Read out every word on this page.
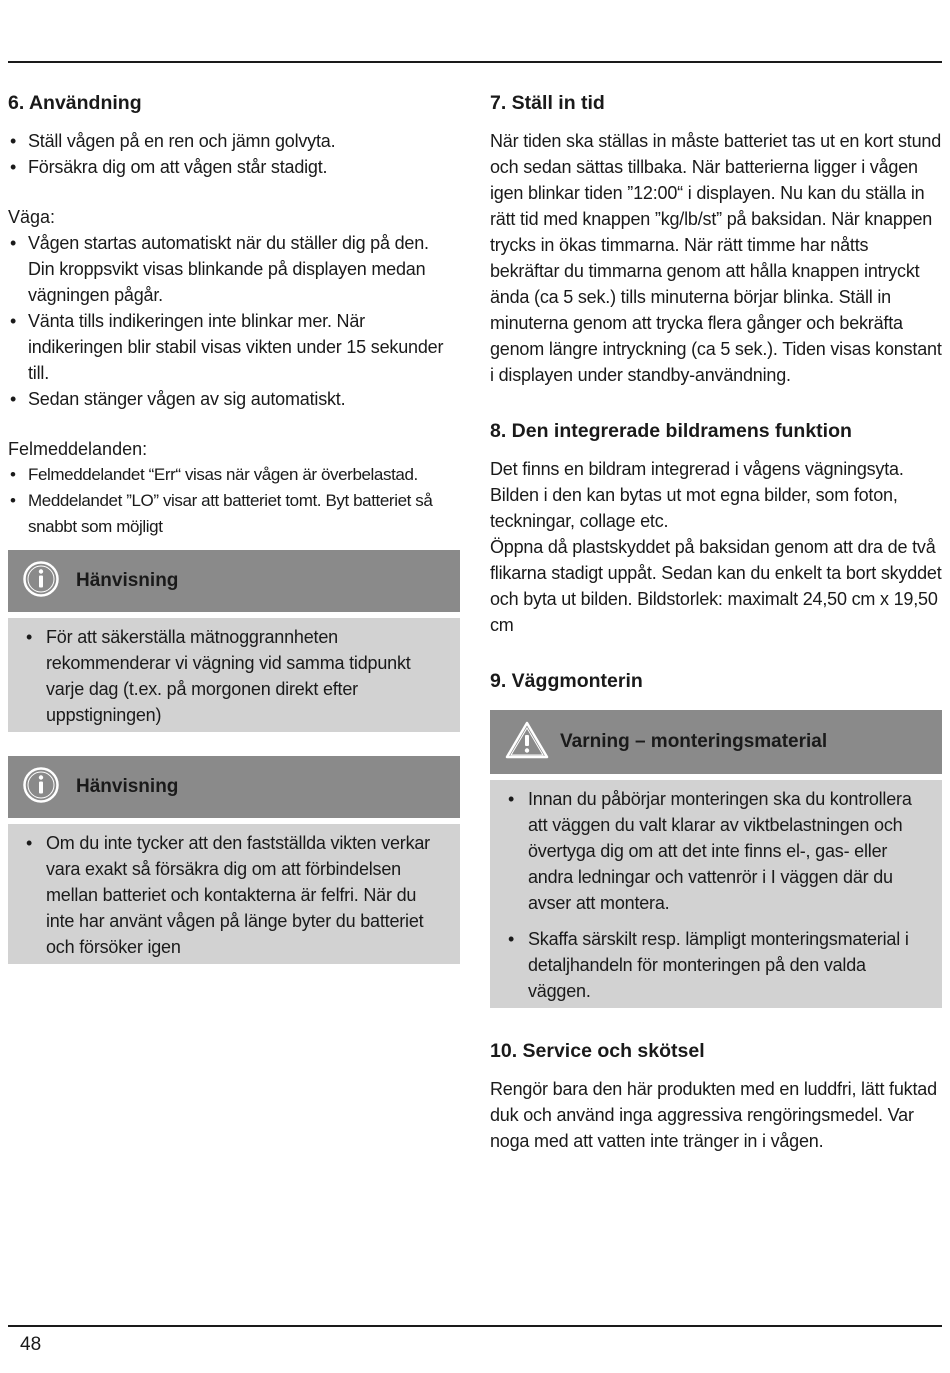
6. Användning
• Ställ vågen på en ren och jämn golvyta.
• Försäkra dig om att vågen står stadigt.
Väga:
• Vågen startas automatiskt när du ställer dig på den. Din kroppsvikt visas blinkande på displayen medan vägningen pågår.
• Vänta tills indikeringen inte blinkar mer. När indikeringen blir stabil visas vikten under 15 sekunder till.
• Sedan stänger vågen av sig automatiskt.
Felmeddelanden:
• Felmeddelandet “Err“ visas när vågen är överbelastad.
• Meddelandet ”LO” visar att batteriet tomt. Byt batteriet så snabbt som möjligt
Hänvisning
• För att säkerställa mätnoggrannheten rekommenderar vi vägning vid samma tidpunkt varje dag (t.ex. på morgonen direkt efter uppstigningen)
Hänvisning
• Om du inte tycker att den fastställda vikten verkar vara exakt så försäkra dig om att förbindelsen mellan batteriet och kontakterna är felfri. När du inte har använt vågen på länge byter du batteriet och försöker igen
7. Ställ in tid

När tiden ska ställas in måste batteriet tas ut en kort stund och sedan sättas tillbaka. När batterierna ligger i vågen igen blinkar tiden ”12:00“ i displayen. Nu kan du ställa in rätt tid med knappen ”kg/lb/st” på baksidan. När knappen trycks in ökas timmarna. När rätt timme har nåtts bekräftar du timmarna genom att hålla knappen intryckt ända (ca 5 sek.) tills minuterna börjar blinka. Ställ in minuterna genom att trycka flera gånger och bekräfta genom längre intryckning (ca 5 sek.). Tiden visas konstant i displayen under standby-användning.

8. Den integrerade bildramens funktion

Det finns en bildram integrerad i vågens vägningsyta. Bilden i den kan bytas ut mot egna bilder, som foton, teckningar, collage etc.

Öppna då plastskyddet på baksidan genom att dra de två flikarna stadigt uppåt. Sedan kan du enkelt ta bort skyddet och byta ut bilden. Bildstorlek: maximalt 24,50 cm x 19,50 cm

9. Väggmonterin
Varning – monteringsmaterial
• Innan du påbörjar monteringen ska du kontrollera att väggen du valt klarar av viktbelastningen och övertyga dig om att det inte finns el-, gas- eller andra ledningar och vattenrör i I väggen där du avser att montera.
• Skaffa särskilt resp. lämpligt monteringsmaterial i detaljhandeln för monteringen på den valda väggen.
10. Service och skötsel

Rengör bara den här produkten med en luddfri, lätt fuktad duk och använd inga aggressiva rengöringsmedel. Var noga med att vatten inte tränger in i vågen.

48
